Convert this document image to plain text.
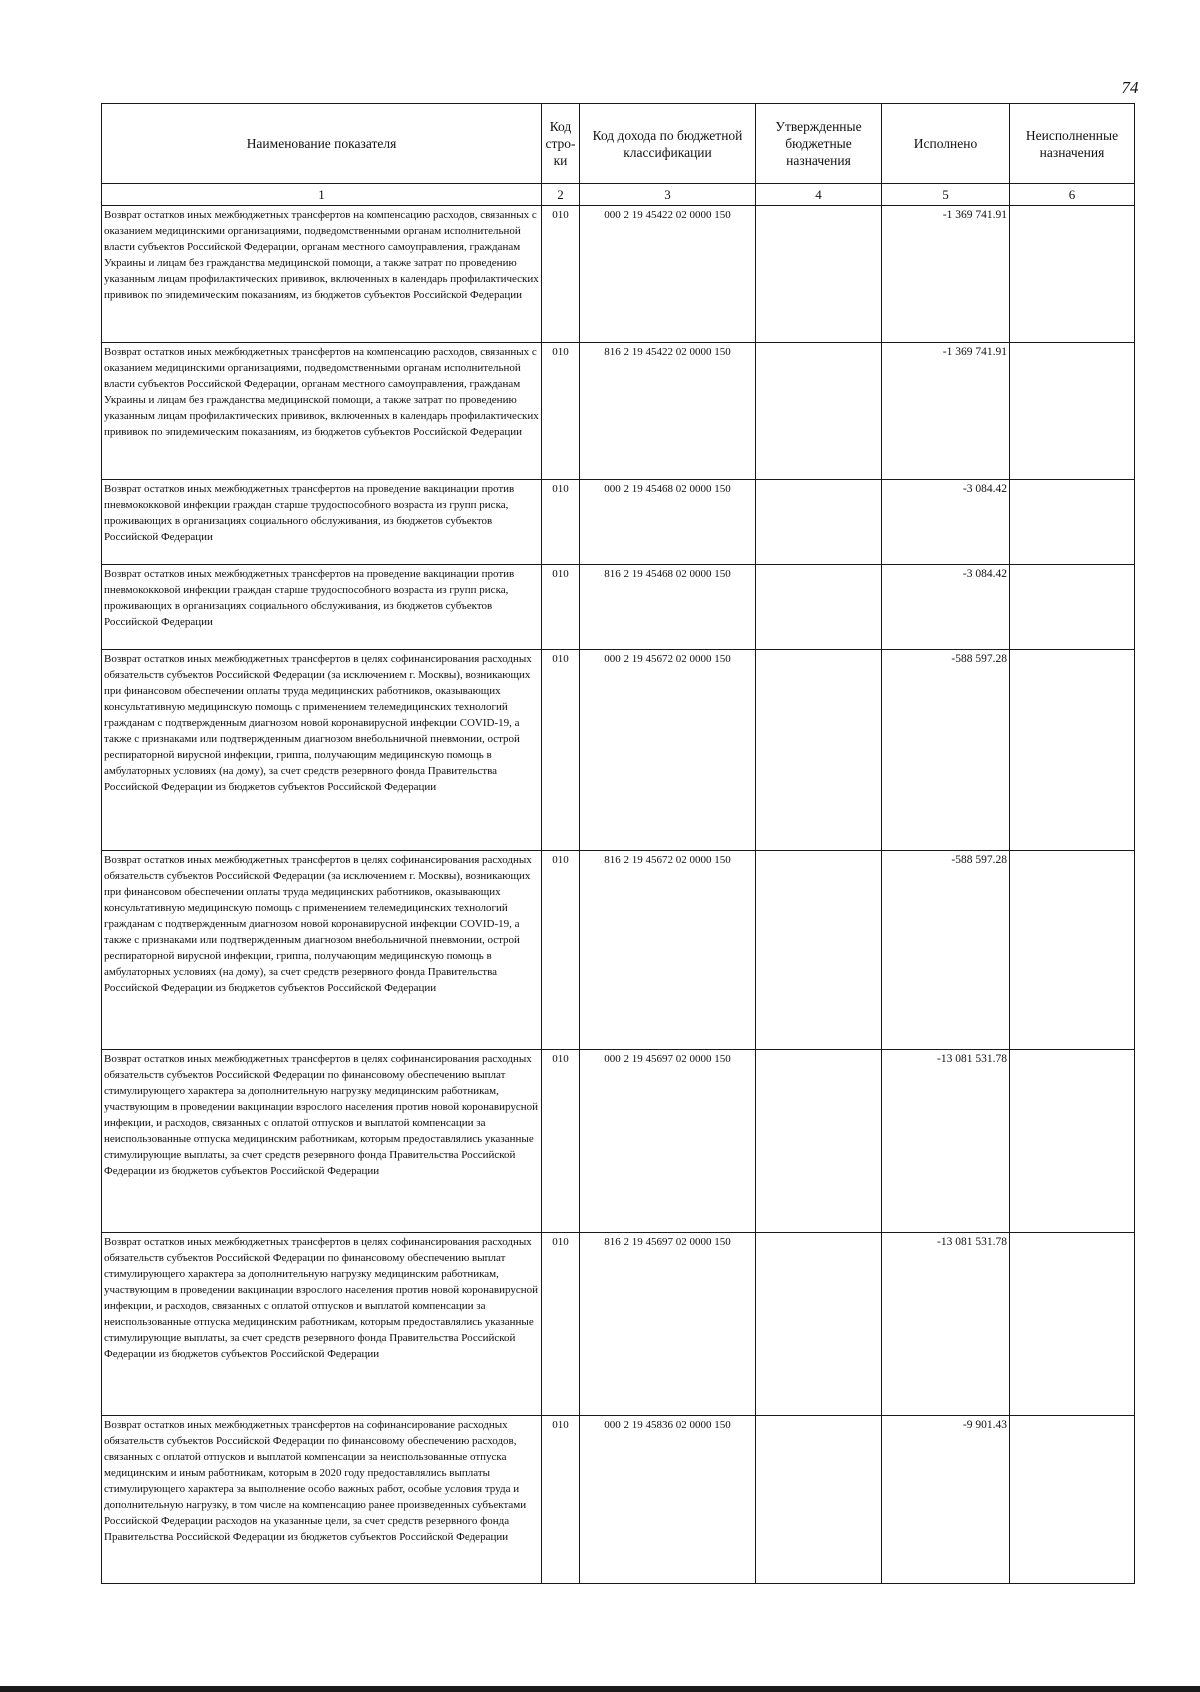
74
Наименование показателя	Код стро-ки	Код дохода по бюджетной классификации	Утвержденные бюджетные назначения	Исполнено	Неисполненные назначения
1	2	3	4	5	6
Возврат остатков иных межбюджетных трансфертов на компенсацию расходов, связанных с оказанием медицинскими организациями, подведомственными органам исполнительной власти субъектов Российской Федерации, органам местного самоуправления, гражданам Украины и лицам без гражданства медицинской помощи, а также затрат по проведению указанным лицам профилактических прививок, включенных в календарь профилактических прививок по эпидемическим показаниям, из бюджетов субъектов Российской Федерации	010	000 2 19 45422 02 0000 150		-1 369 741.91	
Возврат остатков иных межбюджетных трансфертов на компенсацию расходов, связанных с оказанием медицинскими организациями, подведомственными органам исполнительной власти субъектов Российской Федерации, органам местного самоуправления, гражданам Украины и лицам без гражданства медицинской помощи, а также затрат по проведению указанным лицам профилактических прививок, включенных в календарь профилактических прививок по эпидемическим показаниям, из бюджетов субъектов Российской Федерации	010	816 2 19 45422 02 0000 150		-1 369 741.91	
Возврат остатков иных межбюджетных трансфертов на проведение вакцинации против пневмококковой инфекции граждан старше трудоспособного возраста из групп риска, проживающих в организациях социального обслуживания, из бюджетов субъектов Российской Федерации	010	000 2 19 45468 02 0000 150		-3 084.42	
Возврат остатков иных межбюджетных трансфертов на проведение вакцинации против пневмококковой инфекции граждан старше трудоспособного возраста из групп риска, проживающих в организациях социального обслуживания, из бюджетов субъектов Российской Федерации	010	816 2 19 45468 02 0000 150		-3 084.42	
Возврат остатков иных межбюджетных трансфертов в целях софинансирования расходных обязательств субъектов Российской Федерации (за исключением г. Москвы), возникающих при финансовом обеспечении оплаты труда медицинских работников, оказывающих консультативную медицинскую помощь с применением телемедицинских технологий гражданам с подтвержденным диагнозом новой коронавирусной инфекции COVID-19, а также с признаками или подтвержденным диагнозом внебольничной пневмонии, острой респираторной вирусной инфекции, гриппа, получающим медицинскую помощь в амбулаторных условиях (на дому), за счет средств резервного фонда Правительства Российской Федерации из бюджетов субъектов Российской Федерации	010	000 2 19 45672 02 0000 150		-588 597.28	
Возврат остатков иных межбюджетных трансфертов в целях софинансирования расходных обязательств субъектов Российской Федерации (за исключением г. Москвы), возникающих при финансовом обеспечении оплаты труда медицинских работников, оказывающих консультативную медицинскую помощь с применением телемедицинских технологий гражданам с подтвержденным диагнозом новой коронавирусной инфекции COVID-19, а также с признаками или подтвержденным диагнозом внебольничной пневмонии, острой респираторной вирусной инфекции, гриппа, получающим медицинскую помощь в амбулаторных условиях (на дому), за счет средств резервного фонда Правительства Российской Федерации из бюджетов субъектов Российской Федерации	010	816 2 19 45672 02 0000 150		-588 597.28	
Возврат остатков иных межбюджетных трансфертов в целях софинансирования расходных обязательств субъектов Российской Федерации по финансовому обеспечению выплат стимулирующего характера за дополнительную нагрузку медицинским работникам, участвующим в проведении вакцинации взрослого населения против новой коронавирусной инфекции, и расходов, связанных с оплатой отпусков и выплатой компенсации за неиспользованные отпуска медицинским работникам, которым предоставлялись указанные стимулирующие выплаты, за счет средств резервного фонда Правительства Российской Федерации из бюджетов субъектов Российской Федерации	010	000 2 19 45697 02 0000 150		-13 081 531.78	
Возврат остатков иных межбюджетных трансфертов в целях софинансирования расходных обязательств субъектов Российской Федерации по финансовому обеспечению выплат стимулирующего характера за дополнительную нагрузку медицинским работникам, участвующим в проведении вакцинации взрослого населения против новой коронавирусной инфекции, и расходов, связанных с оплатой отпусков и выплатой компенсации за неиспользованные отпуска медицинским работникам, которым предоставлялись указанные стимулирующие выплаты, за счет средств резервного фонда Правительства Российской Федерации из бюджетов субъектов Российской Федерации	010	816 2 19 45697 02 0000 150		-13 081 531.78	
Возврат остатков иных межбюджетных трансфертов на софинансирование расходных обязательств субъектов Российской Федерации по финансовому обеспечению расходов, связанных с оплатой отпусков и выплатой компенсации за неиспользованные отпуска медицинским и иным работникам, которым в 2020 году предоставлялись выплаты стимулирующего характера за выполнение особо важных работ, особые условия труда и дополнительную нагрузку, в том числе на компенсацию ранее произведенных субъектами Российской Федерации расходов на указанные цели, за счет средств резервного фонда Правительства Российской Федерации из бюджетов субъектов Российской Федерации	010	000 2 19 45836 02 0000 150		-9 901.43	
